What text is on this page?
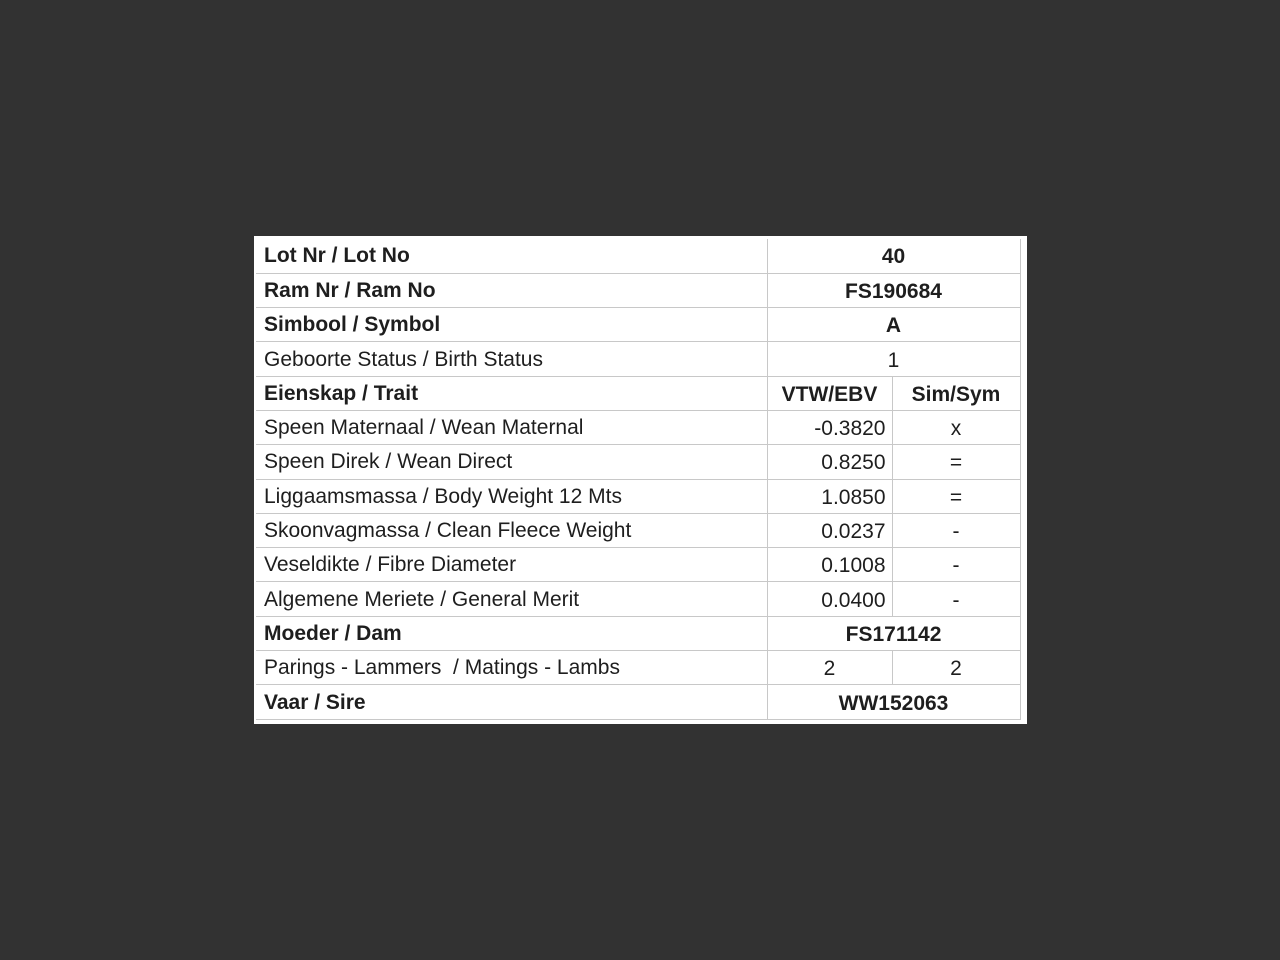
Lot Nr / Lot No	40	
Ram Nr / Ram No	FS190684	
Simbool / Symbol	A	
Geboorte Status / Birth Status	1	
Eienskap / Trait	VTW/EBV	Sim/Sym
Speen Maternaal / Wean Maternal	-0.3820	x
Speen Direk / Wean Direct	0.8250	=
Liggaamsmassa / Body Weight 12 Mts	1.0850	=
Skoonvagmassa / Clean Fleece Weight	0.0237	-
Veseldikte / Fibre Diameter	0.1008	-
Algemene Meriete / General Merit	0.0400	-
Moeder / Dam	FS171142	
Parings - Lammers  / Matings - Lambs	2	2
Vaar / Sire	WW152063	
